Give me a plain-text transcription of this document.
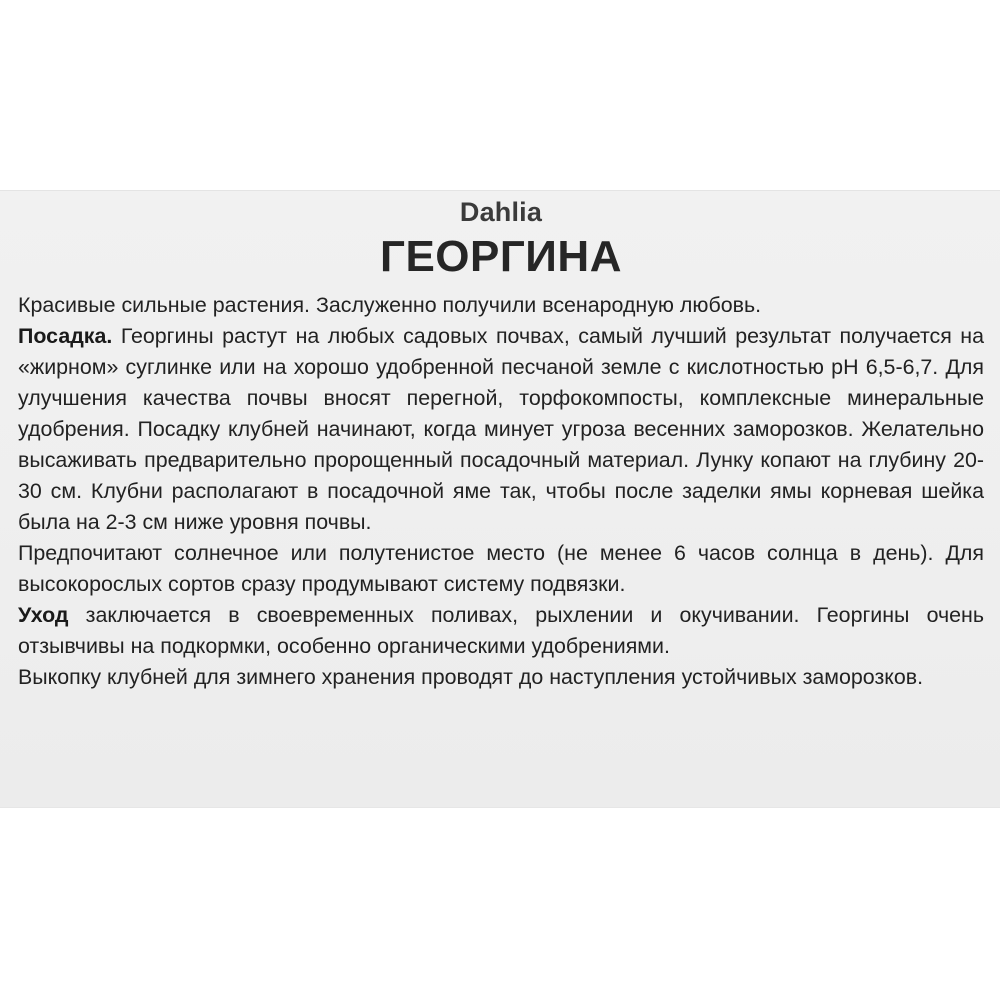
Dahlia
ГЕОРГИНА

Красивые сильные растения. Заслуженно получили всенародную любовь.

Посадка. Георгины растут на любых садовых почвах, самый лучший результат получается на «жирном» суглинке или на хорошо удобренной песчаной земле с кислотностью pH 6,5-6,7. Для улучшения качества почвы вносят перегной, торфокомпосты, комплексные минеральные удобрения. Посадку клубней начинают, когда минует угроза весенних заморозков. Желательно высаживать предварительно пророщенный посадочный материал. Лунку копают на глубину 20-30 см. Клубни располагают в посадочной яме так, чтобы после заделки ямы корневая шейка была на 2-3 см ниже уровня почвы.

Предпочитают солнечное или полутенистое место (не менее 6 часов солнца в день). Для высокорослых сортов сразу продумывают систему подвязки.

Уход заключается в своевременных поливах, рыхлении и окучивании. Георгины очень отзывчивы на подкормки, особенно органическими удобрениями.

Выкопку клубней для зимнего хранения проводят до наступления устойчивых заморозков.
